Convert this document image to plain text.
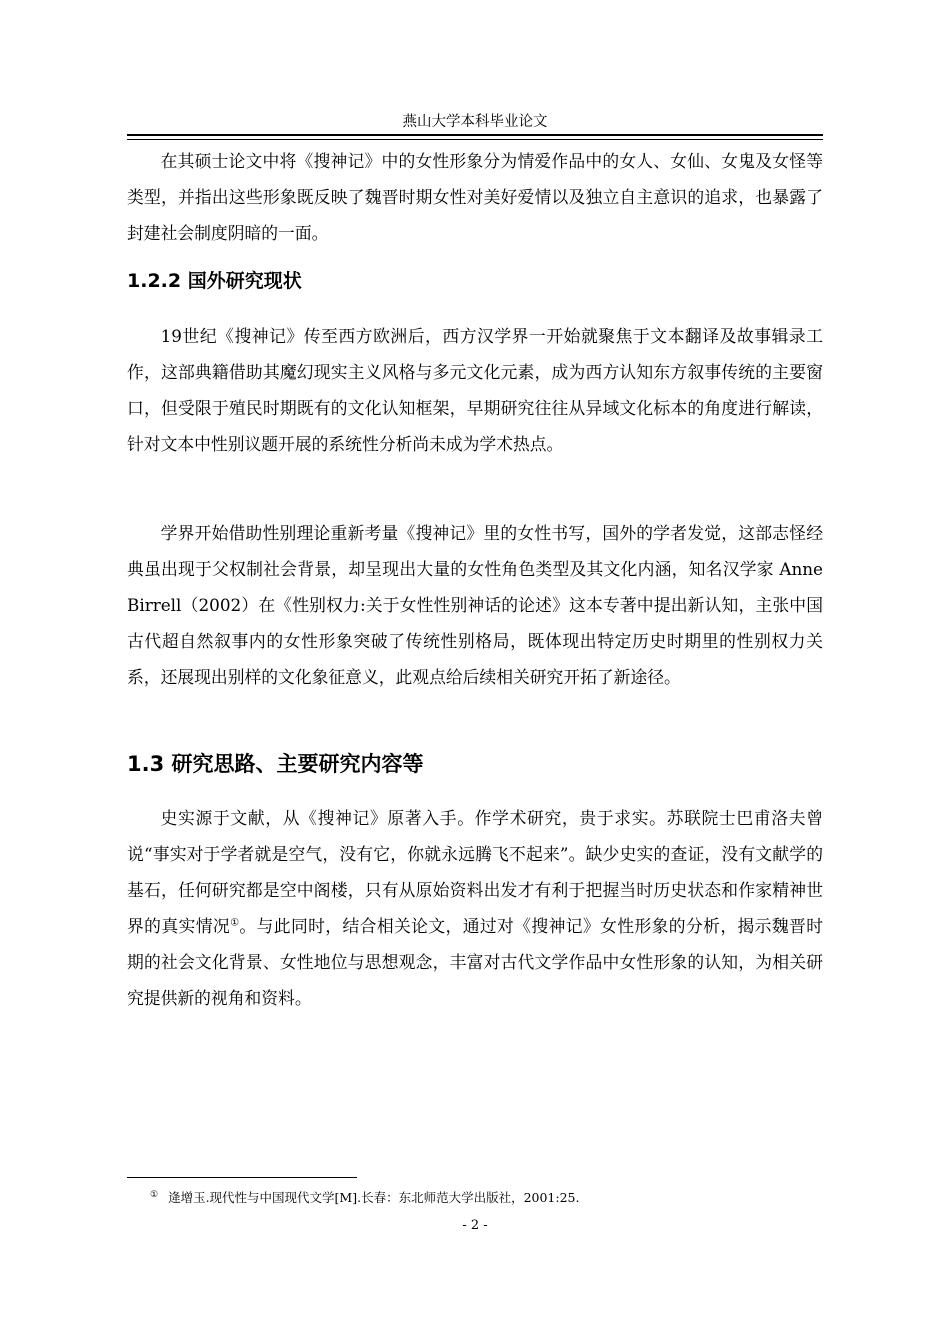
燕山大学本科毕业论文

在其硕士论文中将《搜神记》中的女性形象分为情爱作品中的女人、女仙、女鬼及女怪等类型，并指出这些形象既反映了魏晋时期女性对美好爱情以及独立自主意识的追求，也暴露了封建社会制度阴暗的一面。

1.2.2 国外研究现状

19世纪《搜神记》传至西方欧洲后，西方汉学界一开始就聚焦于文本翻译及故事辑录工作，这部典籍借助其魔幻现实主义风格与多元文化元素，成为西方认知东方叙事传统的主要窗口，但受限于殖民时期既有的文化认知框架，早期研究往往从异域文化标本的角度进行解读，针对文本中性别议题开展的系统性分析尚未成为学术热点。

学界开始借助性别理论重新考量《搜神记》里的女性书写，国外的学者发觉，这部志怪经典虽出现于父权制社会背景，却呈现出大量的女性角色类型及其文化内涵，知名汉学家 Anne Birrell（2002）在《性别权力:关于女性性别神话的论述》这本专著中提出新认知，主张中国古代超自然叙事内的女性形象突破了传统性别格局，既体现出特定历史时期里的性别权力关系，还展现出别样的文化象征意义，此观点给后续相关研究开拓了新途径。

1.3 研究思路、主要研究内容等

史实源于文献，从《搜神记》原著入手。作学术研究，贵于求实。苏联院士巴甫洛夫曾说“事实对于学者就是空气，没有它，你就永远腾飞不起来”。缺少史实的查证，没有文献学的基石，任何研究都是空中阁楼，只有从原始资料出发才有利于把握当时历史状态和作家精神世界的真实情况①。与此同时，结合相关论文，通过对《搜神记》女性形象的分析，揭示魏晋时期的社会文化背景、女性地位与思想观念，丰富对古代文学作品中女性形象的认知，为相关研究提供新的视角和资料。

① 逄增玉.现代性与中国现代文学[M].长春：东北师范大学出版社，2001:25.
- 2 -
